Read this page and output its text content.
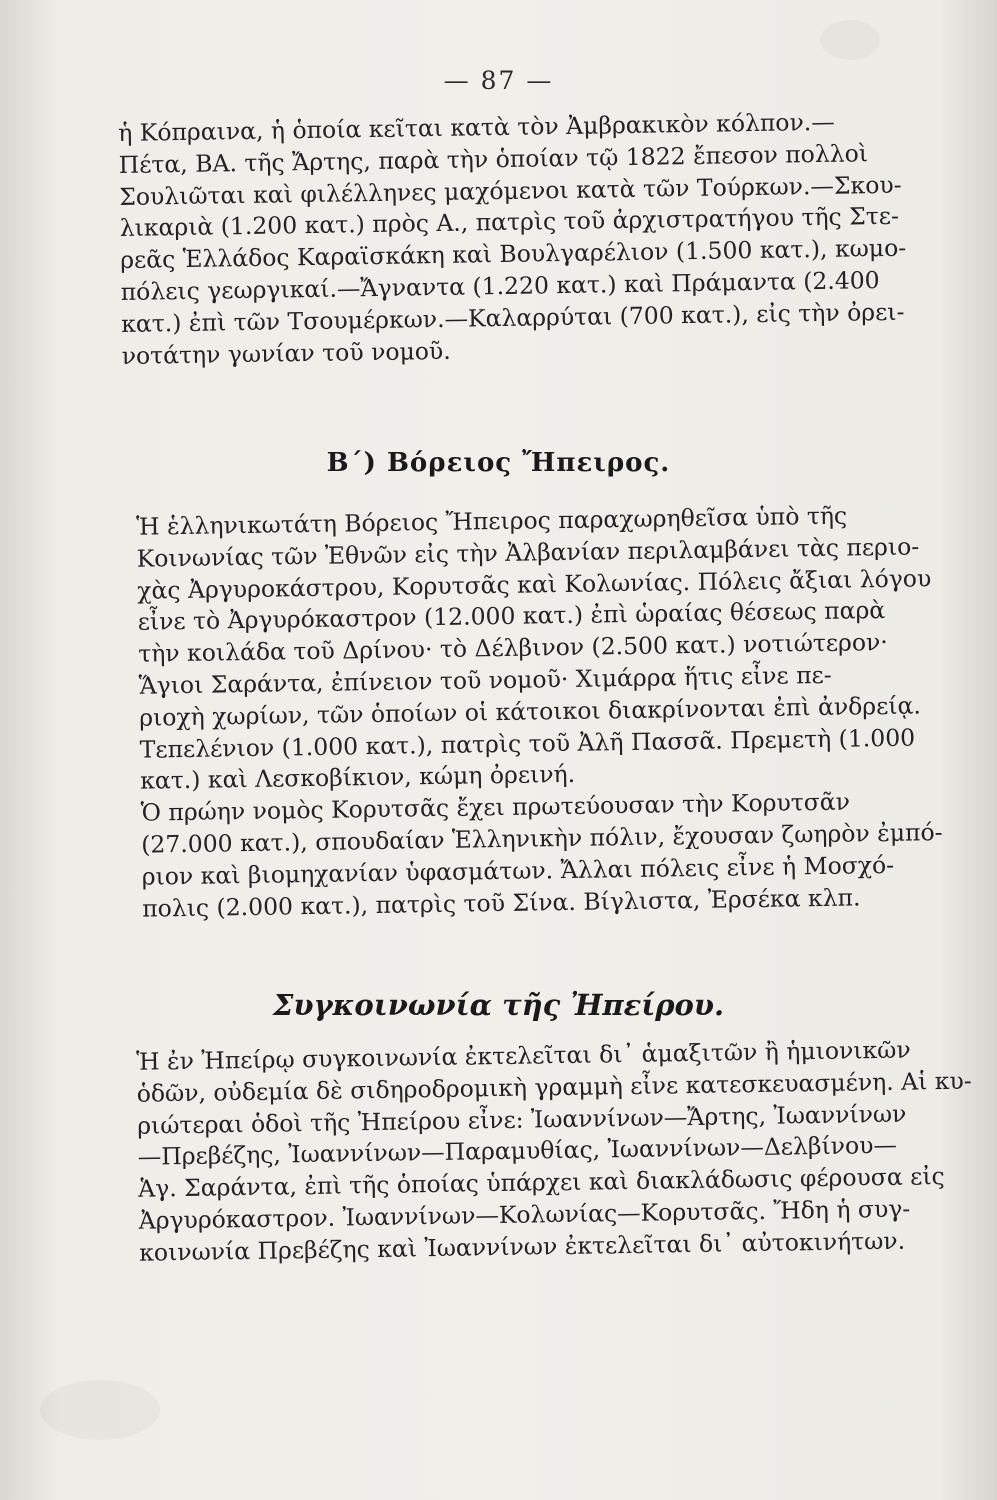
— 87 —

ἡ Κόπραινα, ἡ ὁποία κεῖται κατὰ τὸν Ἀμβρακικὸν κόλπον.—
Πέτα, ΒΑ. τῆς Ἄρτης, παρὰ τὴν ὁποίαν τῷ 1822 ἔπεσον πολλοὶ
Σουλιῶται καὶ φιλέλληνες μαχόμενοι κατὰ τῶν Τούρκων.—Σκου-
λικαριὰ (1.200 κατ.) πρὸς Α., πατρὶς τοῦ ἀρχιστρατήγου τῆς Στε-
ρεᾶς Ἑλλάδος Καραϊσκάκη καὶ Βουλγαρέλιον (1.500 κατ.), κωμο-
πόλεις γεωργικαί.—Ἄγναντα (1.220 κατ.) καὶ Πράμαντα (2.400
κατ.) ἐπὶ τῶν Τσουμέρκων.—Καλαρρύται (700 κατ.), εἰς τὴν ὀρει-
νοτάτην γωνίαν τοῦ νομοῦ.

Β΄) Βόρειος Ἤπειρος.

Ἡ ἑλληνικωτάτη Βόρειος Ἤπειρος παραχωρηθεῖσα ὑπὸ τῆς
Κοινωνίας τῶν Ἐθνῶν εἰς τὴν Ἀλβανίαν περιλαμβάνει τὰς περιο-
χὰς Ἀργυροκάστρου, Κορυτσᾶς καὶ Κολωνίας. Πόλεις ἄξιαι λόγου
εἶνε τὸ Ἀργυρόκαστρον (12.000 κατ.) ἐπὶ ὡραίας θέσεως παρὰ
τὴν κοιλάδα τοῦ Δρίνου· τὸ Δέλβινον (2.500 κατ.) νοτιώτερον·
Ἅγιοι Σαράντα, ἐπίνειον τοῦ νομοῦ· Χιμάρρα ἥτις εἶνε πε-
ριοχὴ χωρίων, τῶν ὁποίων οἱ κάτοικοι διακρίνονται ἐπὶ ἀνδρείᾳ.
Τεπελένιον (1.000 κατ.), πατρὶς τοῦ Ἀλῆ Πασσᾶ. Πρεμετὴ (1.000
κατ.) καὶ Λεσκοβίκιον, κώμη ὀρεινή.

Ὁ πρώην νομὸς Κορυτσᾶς ἔχει πρωτεύουσαν τὴν Κορυτσᾶν
(27.000 κατ.), σπουδαίαν Ἑλληνικὴν πόλιν, ἔχουσαν ζωηρὸν ἐμπό-
ριον καὶ βιομηχανίαν ὑφασμάτων. Ἄλλαι πόλεις εἶνε ἡ Μοσχό-
πολις (2.000 κατ.), πατρὶς τοῦ Σίνα. Βίγλιστα, Ἐρσέκα κλπ.

Συγκοινωνία τῆς Ἠπείρου.

Ἡ ἐν Ἠπείρῳ συγκοινωνία ἐκτελεῖται δι᾽ ἁμαξιτῶν ἢ ἡμιονικῶν
ὁδῶν, οὐδεμία δὲ σιδηροδρομικὴ γραμμὴ εἶνε κατεσκευασμένη. Αἱ κυ-
ριώτεραι ὁδοὶ τῆς Ἠπείρου εἶνε: Ἰωαννίνων—Ἄρτης, Ἰωαννίνων
—Πρεβέζης, Ἰωαννίνων—Παραμυθίας, Ἰωαννίνων—Δελβίνου—
Ἁγ. Σαράντα, ἐπὶ τῆς ὁποίας ὑπάρχει καὶ διακλάδωσις φέρουσα εἰς
Ἀργυρόκαστρον. Ἰωαννίνων—Κολωνίας—Κορυτσᾶς. Ἤδη ἡ συγ-
κοινωνία Πρεβέζης καὶ Ἰωαννίνων ἐκτελεῖται δι᾽ αὐτοκινήτων.
